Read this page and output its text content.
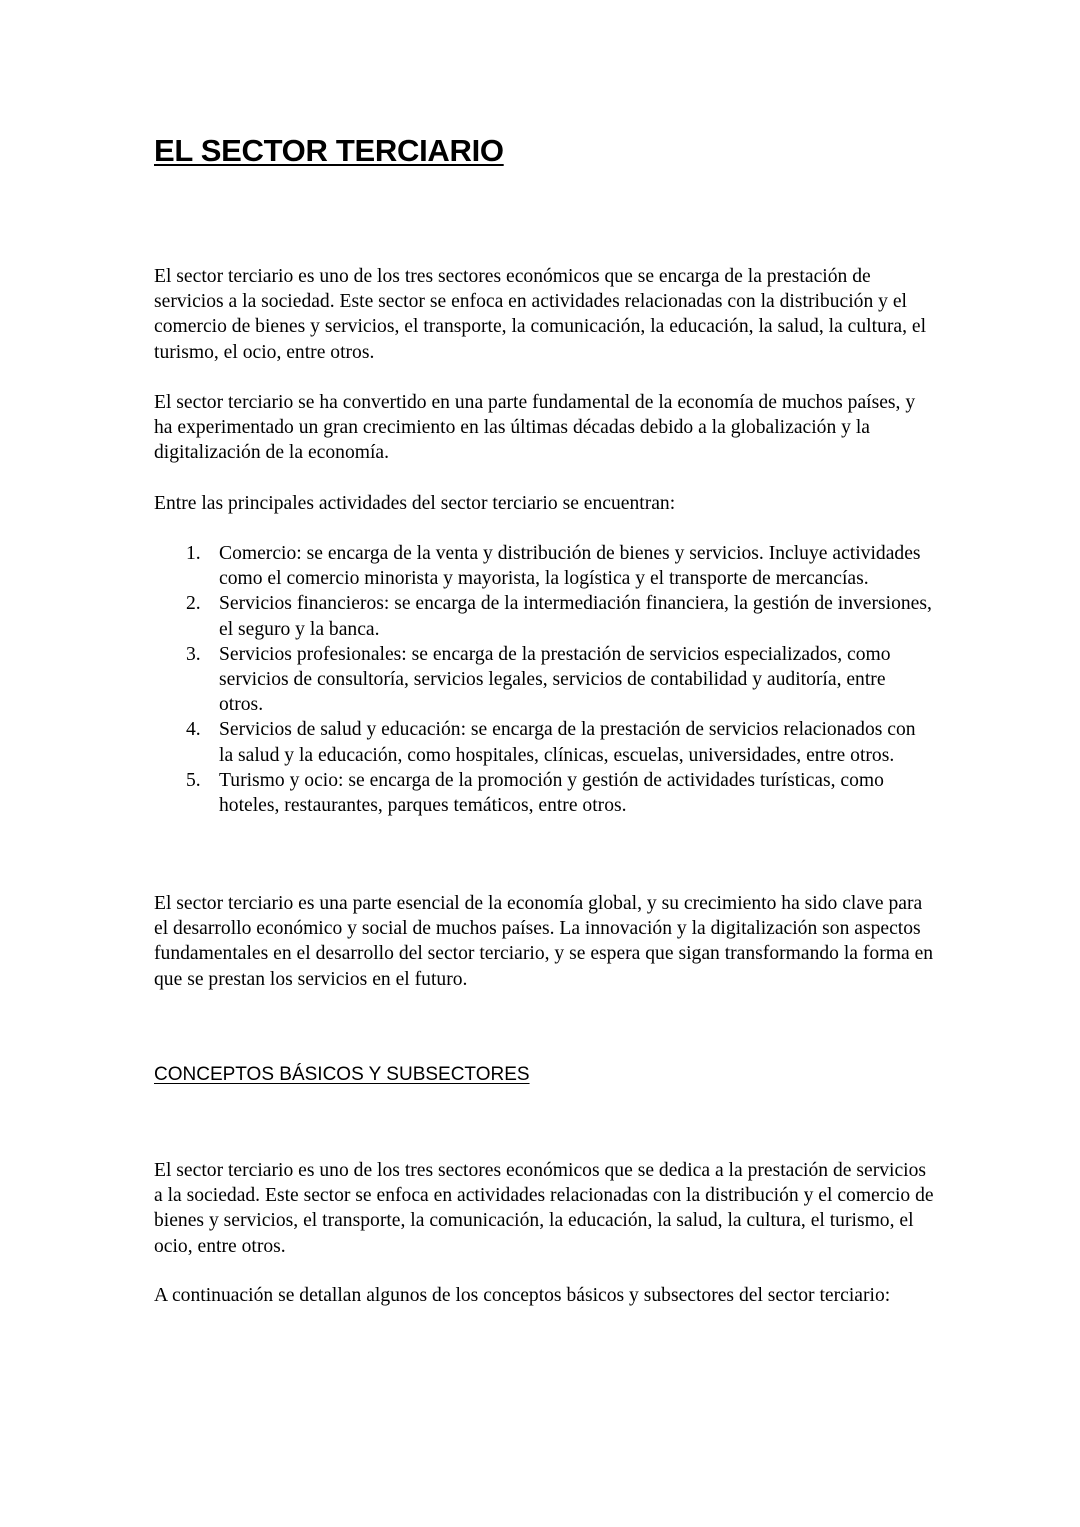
EL SECTOR TERCIARIO

El sector terciario es uno de los tres sectores económicos que se encarga de la prestación de servicios a la sociedad. Este sector se enfoca en actividades relacionadas con la distribución y el comercio de bienes y servicios, el transporte, la comunicación, la educación, la salud, la cultura, el turismo, el ocio, entre otros.

El sector terciario se ha convertido en una parte fundamental de la economía de muchos países, y ha experimentado un gran crecimiento en las últimas décadas debido a la globalización y la digitalización de la economía.

Entre las principales actividades del sector terciario se encuentran:

1. Comercio: se encarga de la venta y distribución de bienes y servicios. Incluye actividades como el comercio minorista y mayorista, la logística y el transporte de mercancías.
2. Servicios financieros: se encarga de la intermediación financiera, la gestión de inversiones, el seguro y la banca.
3. Servicios profesionales: se encarga de la prestación de servicios especializados, como servicios de consultoría, servicios legales, servicios de contabilidad y auditoría, entre otros.
4. Servicios de salud y educación: se encarga de la prestación de servicios relacionados con la salud y la educación, como hospitales, clínicas, escuelas, universidades, entre otros.
5. Turismo y ocio: se encarga de la promoción y gestión de actividades turísticas, como hoteles, restaurantes, parques temáticos, entre otros.

El sector terciario es una parte esencial de la economía global, y su crecimiento ha sido clave para el desarrollo económico y social de muchos países. La innovación y la digitalización son aspectos fundamentales en el desarrollo del sector terciario, y se espera que sigan transformando la forma en que se prestan los servicios en el futuro.

CONCEPTOS BÁSICOS Y SUBSECTORES

El sector terciario es uno de los tres sectores económicos que se dedica a la prestación de servicios a la sociedad. Este sector se enfoca en actividades relacionadas con la distribución y el comercio de bienes y servicios, el transporte, la comunicación, la educación, la salud, la cultura, el turismo, el ocio, entre otros.

A continuación se detallan algunos de los conceptos básicos y subsectores del sector terciario:
